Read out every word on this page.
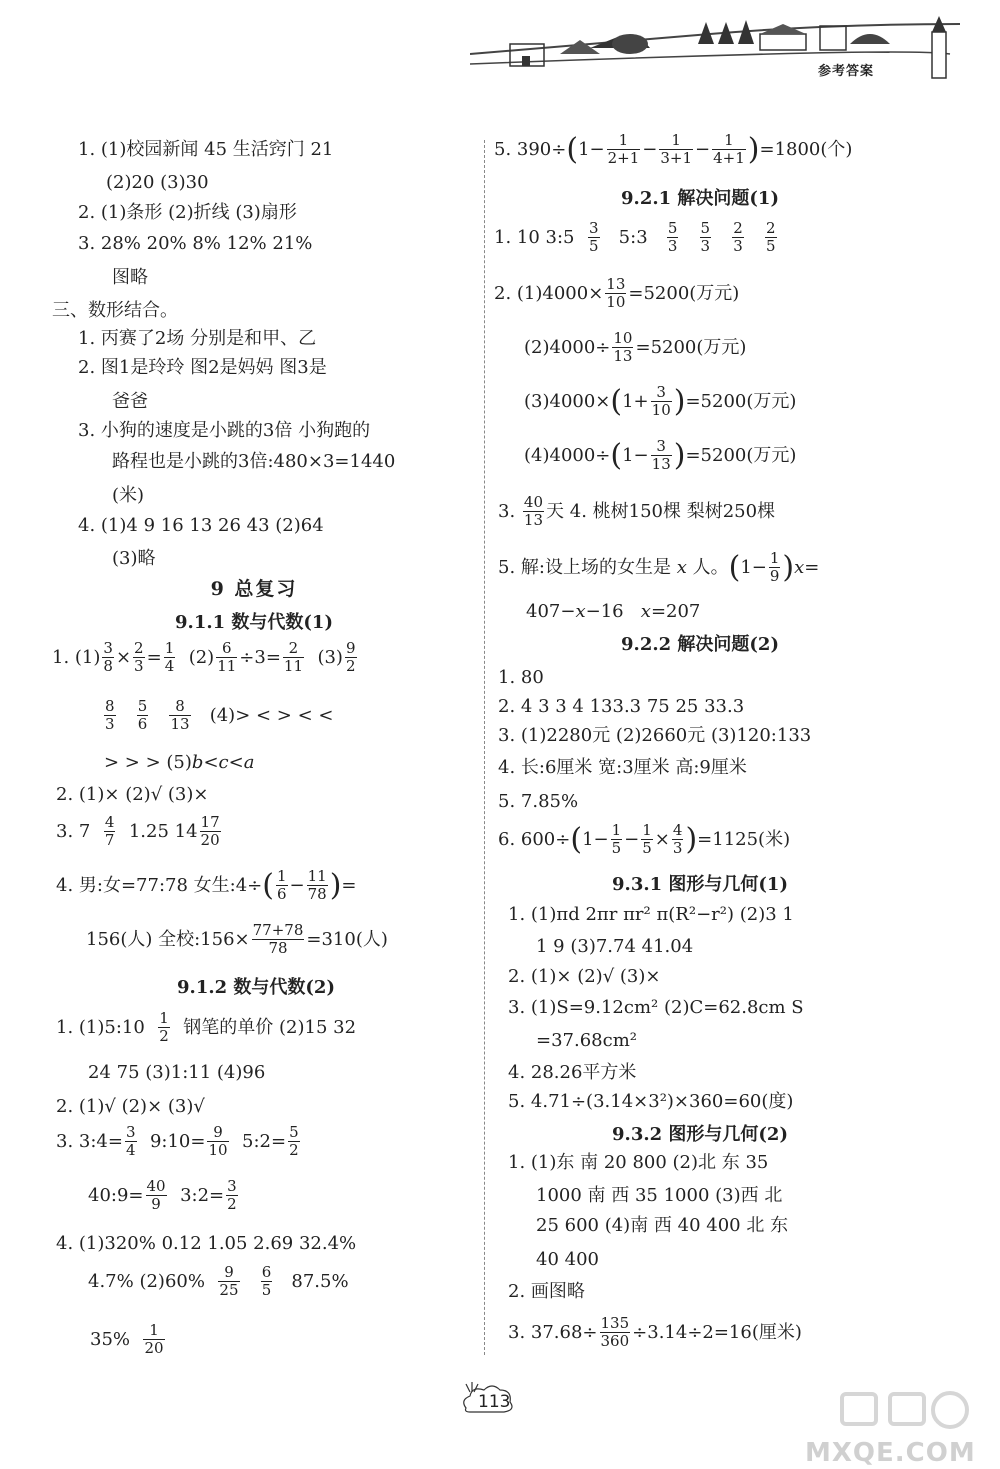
参考答案
1. (1)校园新闻 45 生活窍门 21
(2)20 (3)30
2. (1)条形 (2)折线 (3)扇形
3. 28% 20% 8% 12% 21%
图略
三、数形结合。
1. 丙赛了2场 分别是和甲、乙
2. 图1是玲玲 图2是妈妈 图3是
爸爸
3. 小狗的速度是小跳的3倍 小狗跑的
路程也是小跳的3倍:480×3=1440
(米)
4. (1)4 9 16 13 26 43 (2)64
(3)略
9 总复习
9.1.1 数与代数(1)
1. $(1) \frac{3}{8} \times \frac{2}{3} = \frac{1}{4} (2) \frac{6}{11} \div 3= \frac{2}{11} (3) \frac{9}{2}$
$\frac{8}{3}$
$\frac{5}{6}$
$\frac{8}{13} (4)>$ < > < <
> > > (5)b<c<a
2. (1)× (2)√ (3)×
3. $7 \frac{4}{7} 1.25$ $14 \frac{17}{20}$
4. 男:女=77:78 女生:4÷( $\frac{1}{6} - \frac{11}{78}$ )=
156(人) 全校:156× $\frac{77+78}{78} =310$(人)
9.1.2 数与代数(2)
1. (1)5:10 $\frac{1}{2}$ 钢笔的单价 (2)15 32
24 75 (3)1:11 (4)96
2. (1)√ (2)× (3)√
3. 3:4= $\frac{3}{4}$ 9:10= $\frac{9}{10}$ 5:2= $\frac{5}{2}$
40:9= $\frac{40}{9}$ 3:2= $\frac{3}{2}$
4. (1)320% 0.12 1.05 2.69 32.4%
4.7% $(2)60\% \frac{9}{25}$
$\frac{6}{5} 87.5\%$
$35\% \frac{1}{20}$
5. $390\div(1- \frac{1}{2+1} - \frac{1}{3+1} - \frac{1}{4+1} )=1800$(个)
9.2.1 解决问题(1)
1. 10 3:5 $\frac{3}{5}$ 5:3 $\frac{5}{3}$
$\frac{5}{3}$
$\frac{2}{3}$
$\frac{2}{5}$
2. $(1)4000\times \frac{13}{10} =5200$(万元)
$(2)4000\div \frac{10}{13} =5200$(万元)
$(3)4000\times(1+ \frac{3}{10} )=5200$(万元)
$(4)4000\div(1- \frac{3}{13} )=5200$(万元)
3. $\frac{40}{13}$ 天 4. 桃树150棵 梨树250棵
5. 解:设上场的女生是 x 人。$(1- \frac{1}{9} )x=$
407−x−16 x=207
9.2.2 解决问题(2)
1. 80
2. 4 3 3 4 133.3 75 25 33.3
3. (1)2280元 (2)2660元 (3)120:133
4. 长:6厘米 宽:3厘米 高:9厘米
5. 7.85%
6. $600\div(1- \frac{1}{5} - \frac{1}{5} \times \frac{4}{3} )=1125$(米)
9.3.1 图形与几何(1)
1. (1)πd 2πr πr² π(R²−r²) (2)3 1
1 9 (3)7.74 41.04
2. (1)× (2)√ (3)×
3. (1)S=9.12cm² (2)C=62.8cm S
=37.68cm²
4. 28.26平方米
5. 4.71÷(3.14×3²)×360=60(度)
9.3.2 图形与几何(2)
1. (1)东 南 20 800 (2)北 东 35
1000 南 西 35 1000 (3)西 北
25 600 (4)南 西 40 400 北 东
40 400
2. 画图略
3. $37.68\div \frac{135}{360} \div 3.14\div 2=16$(厘米)
113
MXQE.COM
